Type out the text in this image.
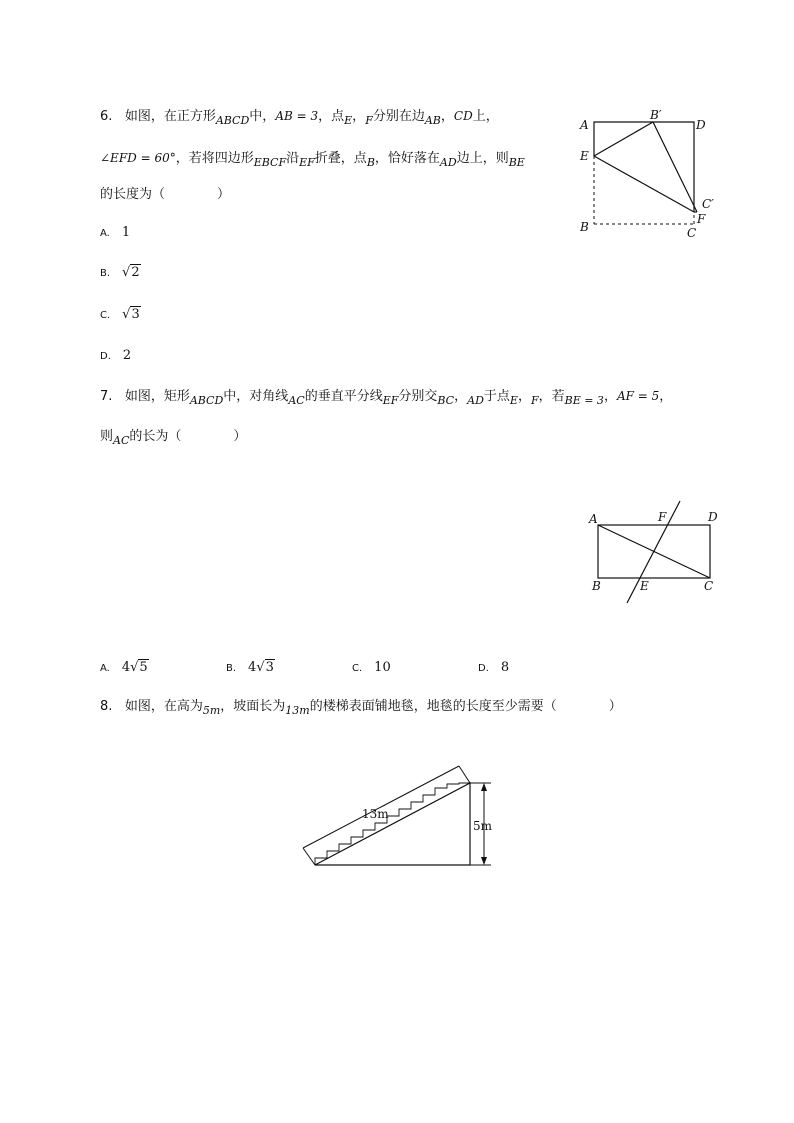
6. 如图，在正方形$_{ABCD}$中，AB = 3，点$_E$，$_F$分别在边$_{AB}$，CD上，
∠EFD = 60°，若将四边形$_{EBCF}$沿$_{EF}$折叠，点$_B$，恰好落在$_{AD}$边上，则$_{BE}$
的长度为（　　　　）
A. 1
B. √2
C. √3
D. 2
A
B′
D
E
C′
F
B	C
7. 如图，矩形$_{ABCD}$中，对角线$_{AC}$的垂直平分线$_{EF}$分别交$_{BC}$，$_{AD}$于点$_E$，$_F$，若$_{BE = 3}$，AF = 5，
则$_{AC}$的长为（　　　　）
A	F	D
B	E	C
A. 4√5	B. 4√3	C. 10	D. 8
8. 如图，在高为$_{5m}$，坡面长为$_{13m}$的楼梯表面铺地毯，地毯的长度至少需要（　　　　）
13m
5m
